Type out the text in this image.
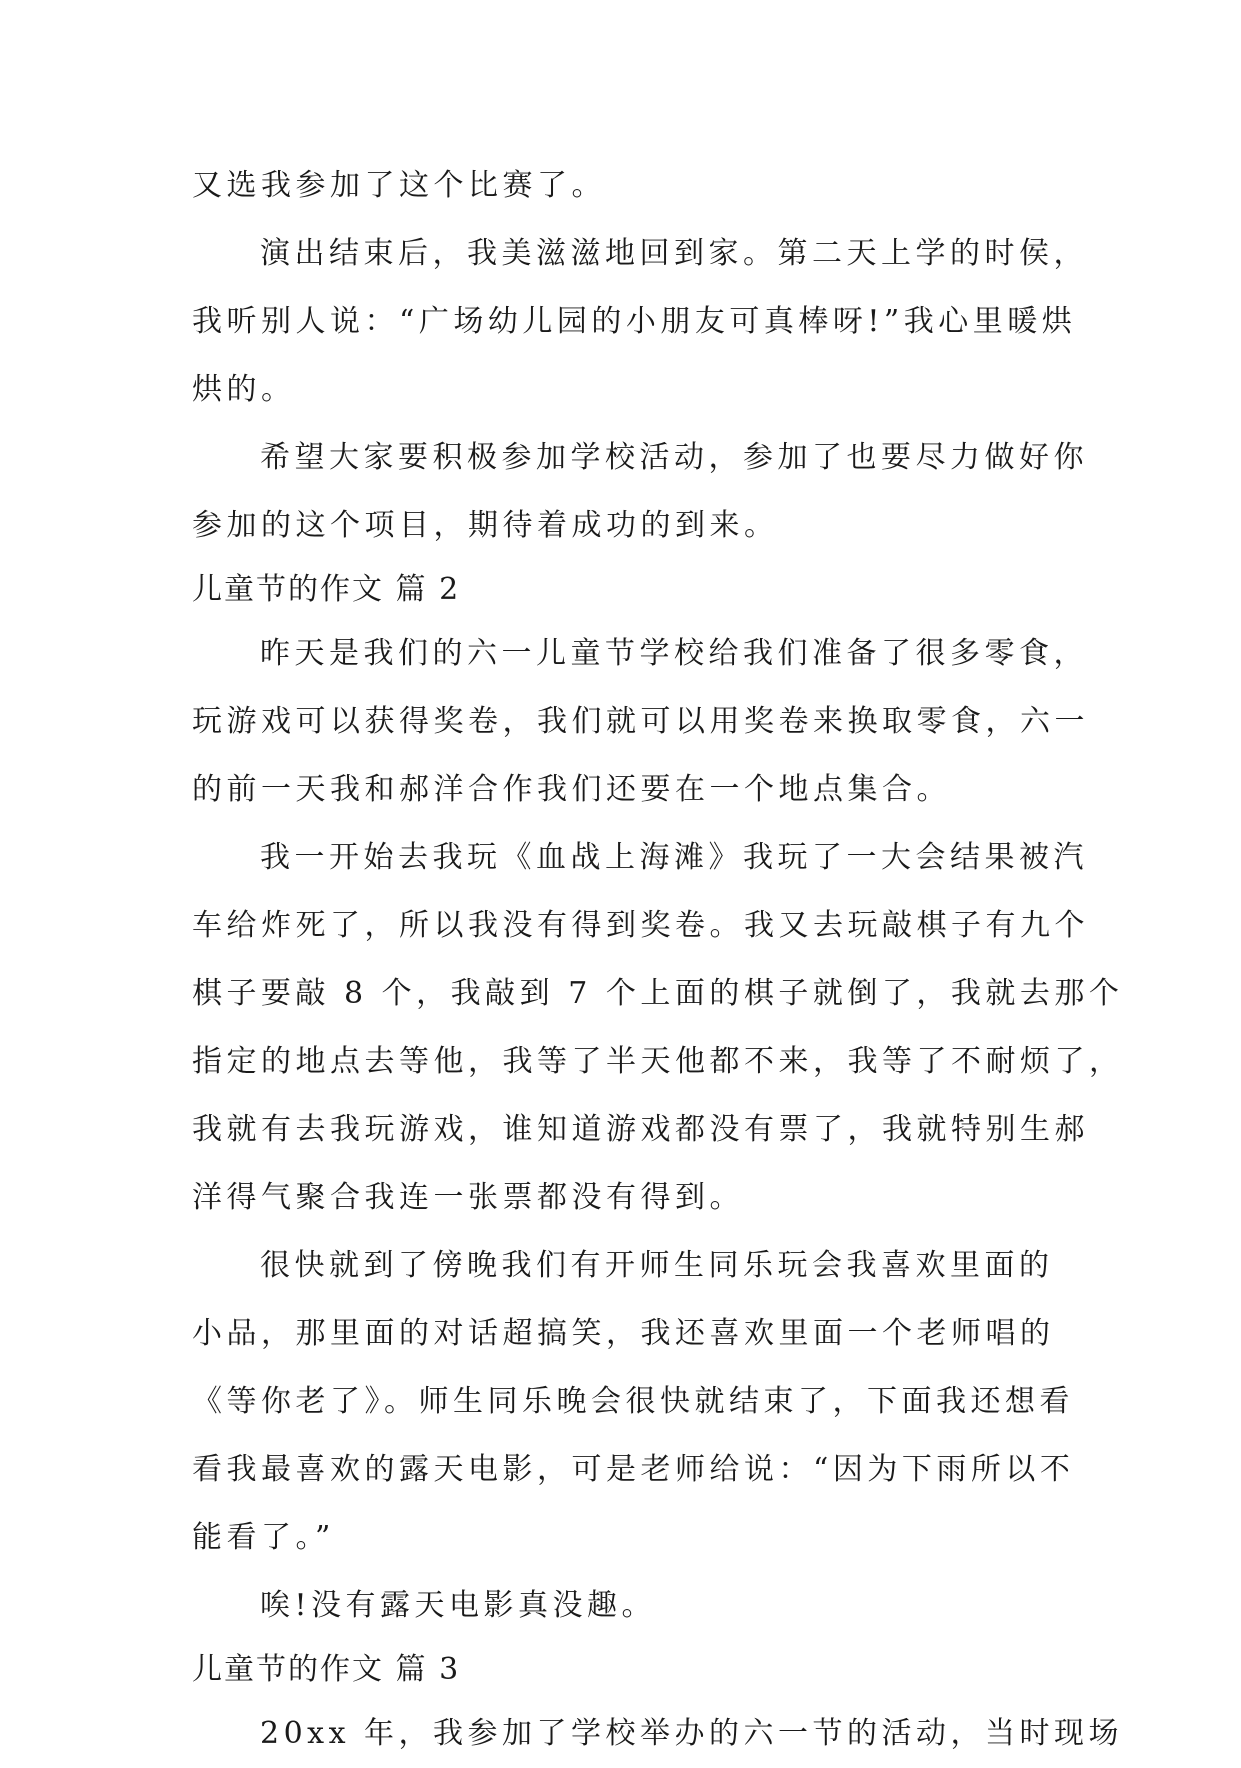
又选我参加了这个比赛了。
演出结束后，我美滋滋地回到家。第二天上学的时侯，
我听别人说：“广场幼儿园的小朋友可真棒呀!”我心里暖烘
烘的。
希望大家要积极参加学校活动，参加了也要尽力做好你
参加的这个项目，期待着成功的到来。
儿童节的作文 篇 2
昨天是我们的六一儿童节学校给我们准备了很多零食，
玩游戏可以获得奖卷，我们就可以用奖卷来换取零食，六一
的前一天我和郝洋合作我们还要在一个地点集合。
我一开始去我玩《血战上海滩》我玩了一大会结果被汽
车给炸死了，所以我没有得到奖卷。我又去玩敲棋子有九个
棋子要敲 8 个，我敲到 7 个上面的棋子就倒了，我就去那个
指定的地点去等他，我等了半天他都不来，我等了不耐烦了，
我就有去我玩游戏，谁知道游戏都没有票了，我就特别生郝
洋得气聚合我连一张票都没有得到。
很快就到了傍晚我们有开师生同乐玩会我喜欢里面的
小品，那里面的对话超搞笑，我还喜欢里面一个老师唱的
《等你老了》。师生同乐晚会很快就结束了，下面我还想看
看我最喜欢的露天电影，可是老师给说：“因为下雨所以不
能看了。”
唉!没有露天电影真没趣。
儿童节的作文 篇 3
20xx 年，我参加了学校举办的六一节的活动，当时现场
